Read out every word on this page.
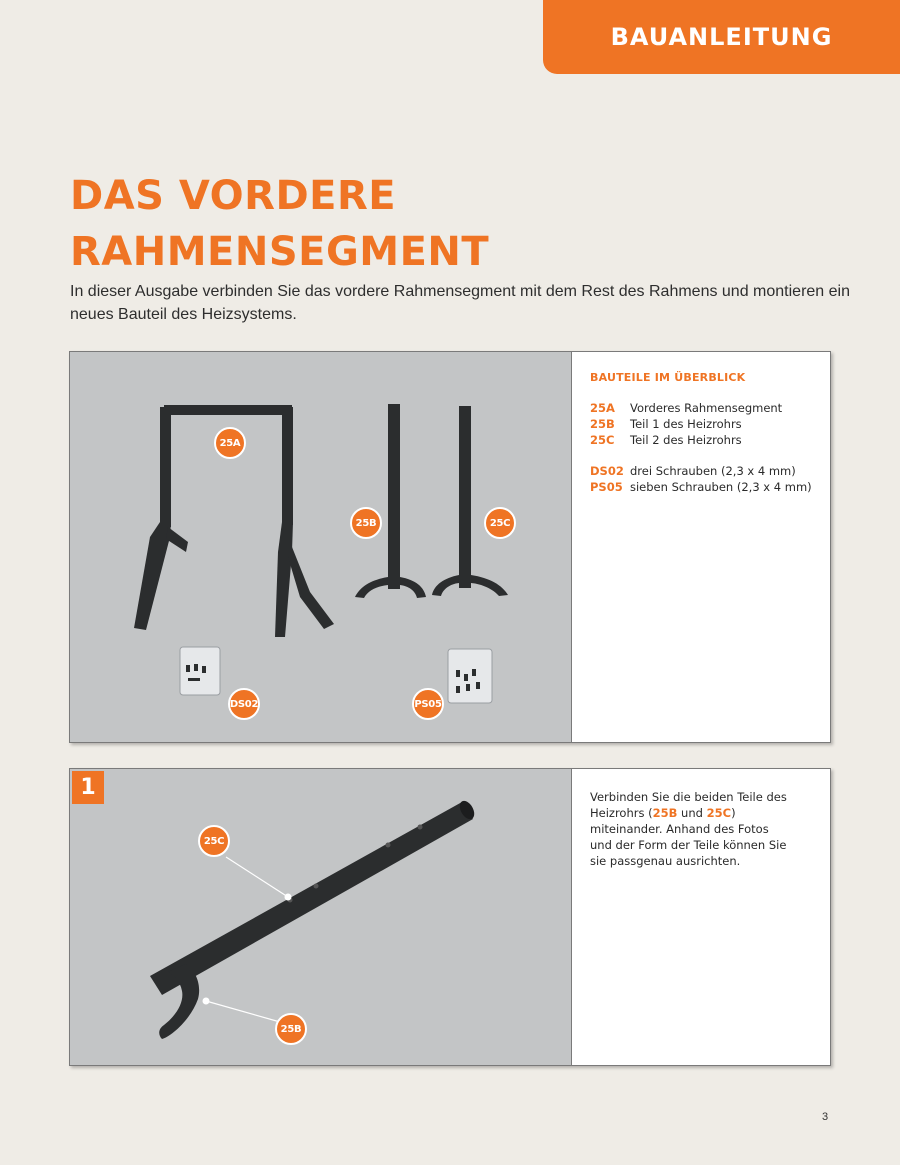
BAUANLEITUNG
DAS VORDERE
RAHMENSEGMENT

In dieser Ausgabe verbinden Sie das vordere Rahmensegment mit dem Rest des Rahmens und montieren ein neues Bauteil des Heizsystems.

25A
25B	25C
DS02	PS05
BAUTEILE IM ÜBERBLICK
25A	Vorderes Rahmensegment
25B	Teil 1 des Heizrohrs
25C	Teil 2 des Heizrohrs
DS02 drei Schrauben (2,3 x 4 mm)
PS05 sieben Schrauben (2,3 x 4 mm)
1
25C
25B

Verbinden Sie die beiden Teile des Heizrohrs (25B und 25C) miteinander. Anhand des Fotos und der Form der Teile können Sie sie passgenau ausrichten.

3
